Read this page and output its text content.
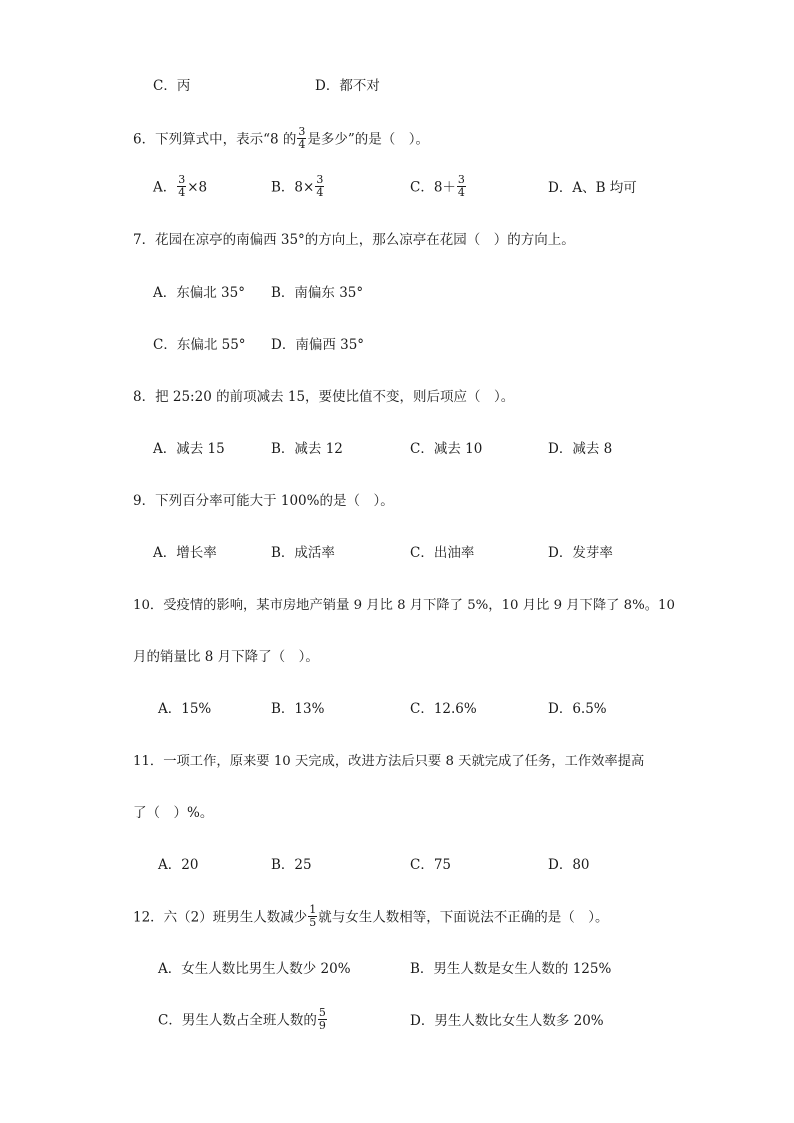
C．丙	D．都不对
6．下列算式中，表示“8 的 $\frac{3}{4}$ 是多少”的是（　）。
A． $\frac{3}{4} \times 8$	B．$8\times \frac{3}{4}$	C．$8+ \frac{3}{4}$	D．A、B 均可
7．花园在凉亭的南偏西 35°的方向上，那么凉亭在花园（　）的方向上。
A．东偏北 35° B．南偏东 35°
C．东偏北 55° D．南偏西 35°
8．把 25:20 的前项减去 15，要使比值不变，则后项应（　）。
A．减去 15	B．减去 12	C．减去 10	D．减去 8
9．下列百分率可能大于 100%的是（　）。
A．增长率	B．成活率	C．出油率	D．发芽率
10．受疫情的影响，某市房地产销量 9 月比 8 月下降了 5%，10 月比 9 月下降了 8%。10
月的销量比 8 月下降了（　）。
A．15%	B．13%	C．12.6%	D．6.5%
11．一项工作，原来要 10 天完成，改进方法后只要 8 天就完成了任务，工作效率提高
了（　）%。
A．20	B．25	C．75	D．80
12．六（2）班男生人数减少 $\frac{1}{5}$ 就与女生人数相等，下面说法不正确的是（　）。
A．女生人数比男生人数少 20%	B．男生人数是女生人数的 125%
C．男生人数占全班人数的 $\frac{5}{9}$	D．男生人数比女生人数多 20%
